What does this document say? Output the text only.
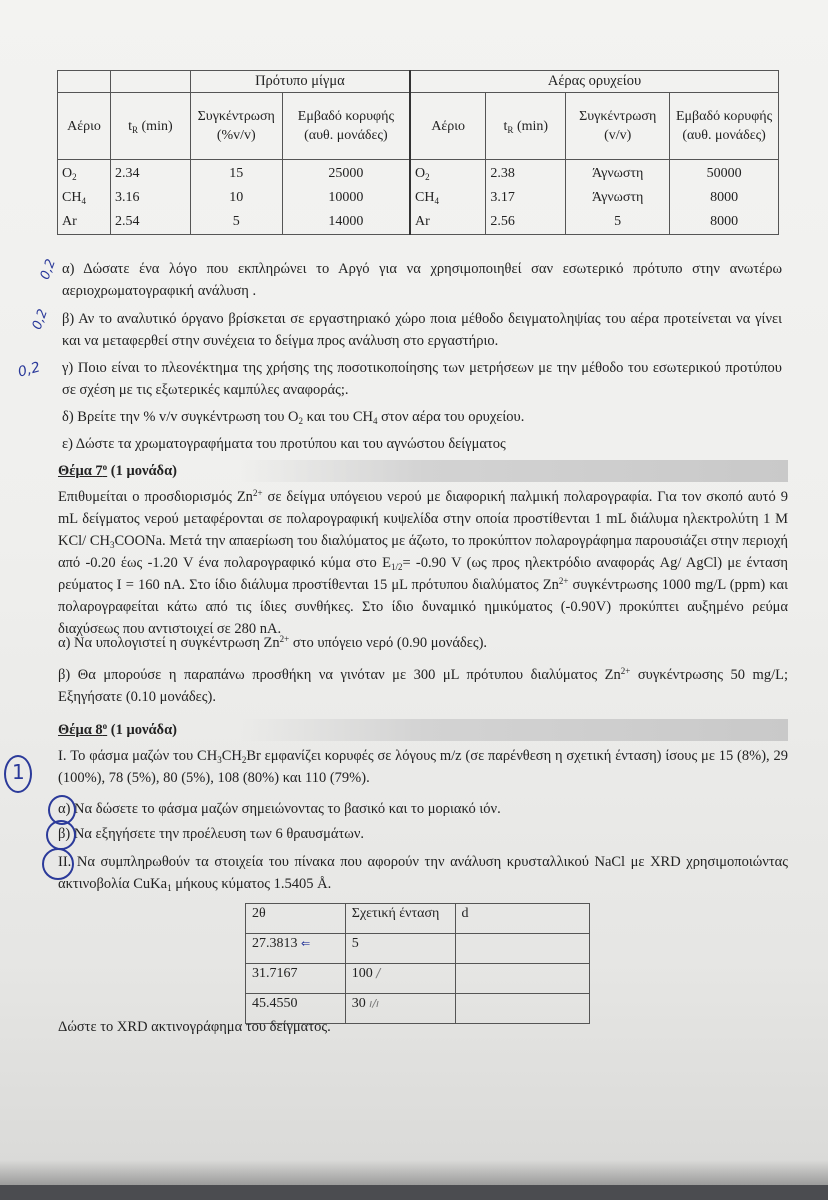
		Πρότυπο μίγμα		Αέρας ορυχείου			
Αέριο	$t_R$ (min)	Συγκέντρωση (%v/v)	Εμβαδό κορυφής (αυθ. μονάδες)	Αέριο	$t_R$ (min)	Συγκέντρωση (v/v)	Εμβαδό κορυφής (αυθ. μονάδες)
$O_2$	2.34	15	25000	$O_2$	2.38	Άγνωστη	50000
$CH_4$	3.16	10	10000	$CH_4$	3.17	Άγνωστη	8000
Ar	2.54	5	14000	Ar	2.56	5	8000
0,2
0,2
0,2
α) Δώσατε ένα λόγο που εκπληρώνει το Αργό για να χρησιμοποιηθεί σαν εσωτερικό πρότυπο στην ανωτέρω αεριοχρωματογραφική ανάλυση .
β) Αν το αναλυτικό όργανο βρίσκεται σε εργαστηριακό χώρο ποια μέθοδο δειγματοληψίας του αέρα προτείνεται να γίνει και να μεταφερθεί στην συνέχεια το δείγμα προς ανάλυση στο εργαστήριο.
γ) Ποιο είναι το πλεονέκτημα της χρήσης της ποσοτικοποίησης των μετρήσεων με την μέθοδο του εσωτερικού προτύπου σε σχέση με τις εξωτερικές καμπύλες αναφοράς;.
δ) Βρείτε την % v/v συγκέντρωση του $O_2$ και του $CH_4$ στον αέρα του ορυχείου.
ε) Δώστε τα χρωματογραφήματα του προτύπου και του αγνώστου δείγματος
Θέμα $7^o$ (1 μονάδα)
Επιθυμείται ο προσδιορισμός $Zn^{2+}$ σε δείγμα υπόγειου νερού με διαφορική παλμική πολαρογραφία. Για τον σκοπό αυτό 9 mL δείγματος νερού μεταφέρονται σε πολαρογραφική κυψελίδα στην οποία προστίθενται 1 mL διάλυμα ηλεκτρολύτη 1 M KCl/ $CH_3COONa$. Μετά την απαερίωση του διαλύματος με άζωτο, το προκύπτον πολαρογράφημα παρουσιάζει στην περιοχή από -0.20 έως -1.20 V ένα πολαρογραφικό κύμα στο $E_{1/2}= -0.90$ V (ως προς ηλεκτρόδιο αναφοράς Ag/ AgCl) με ένταση ρεύματος I = 160 nA. Στο ίδιο διάλυμα προστίθενται 15 μL πρότυπου διαλύματος $Zn^{2+}$ συγκέντρωσης 1000 mg/L (ppm) και πολαρογραφείται κάτω από τις ίδιες συνθήκες. Στο ίδιο δυναμικό ημικύματος (-0.90V) προκύπτει αυξημένο ρεύμα διαχύσεως που αντιστοιχεί σε 280 nA.
α) Να υπολογιστεί η συγκέντρωση $Zn^{2+}$ στο υπόγειο νερό (0.90 μονάδες).
β) Θα μπορούσε η παραπάνω προσθήκη να γινόταν με 300 μL πρότυπου διαλύματος $Zn^{2+}$ συγκέντρωσης 50 mg/L; Εξηγήσατε (0.10 μονάδες).
Θέμα $8^o$ (1 μονάδα)
I. Το φάσμα μαζών του $CH_3CH_2Br$ εμφανίζει κορυφές σε λόγους m/z (σε παρένθεση η σχετική ένταση) ίσους με 15 (8%), 29 (100%), 78 (5%), 80 (5%), 108 (80%) και 110 (79%).
α) Να δώσετε το φάσμα μαζών σημειώνοντας το βασικό και το μοριακό ιόν.
β) Να εξηγήσετε την προέλευση των 6 θραυσμάτων.
II. Να συμπληρωθούν τα στοιχεία του πίνακα που αφορούν την ανάλυση κρυσταλλικού NaCl με XRD χρησιμοποιώντας ακτινοβολία CuKa$_1$ μήκους κύματος 1.5405 Å.
1
2θ	Σχετική ένταση	d
27.3813 ⇐	5	
31.7167	100 /	
45.4550	30 ı/ı	
Δώστε το XRD ακτινογράφημα του δείγματος.
